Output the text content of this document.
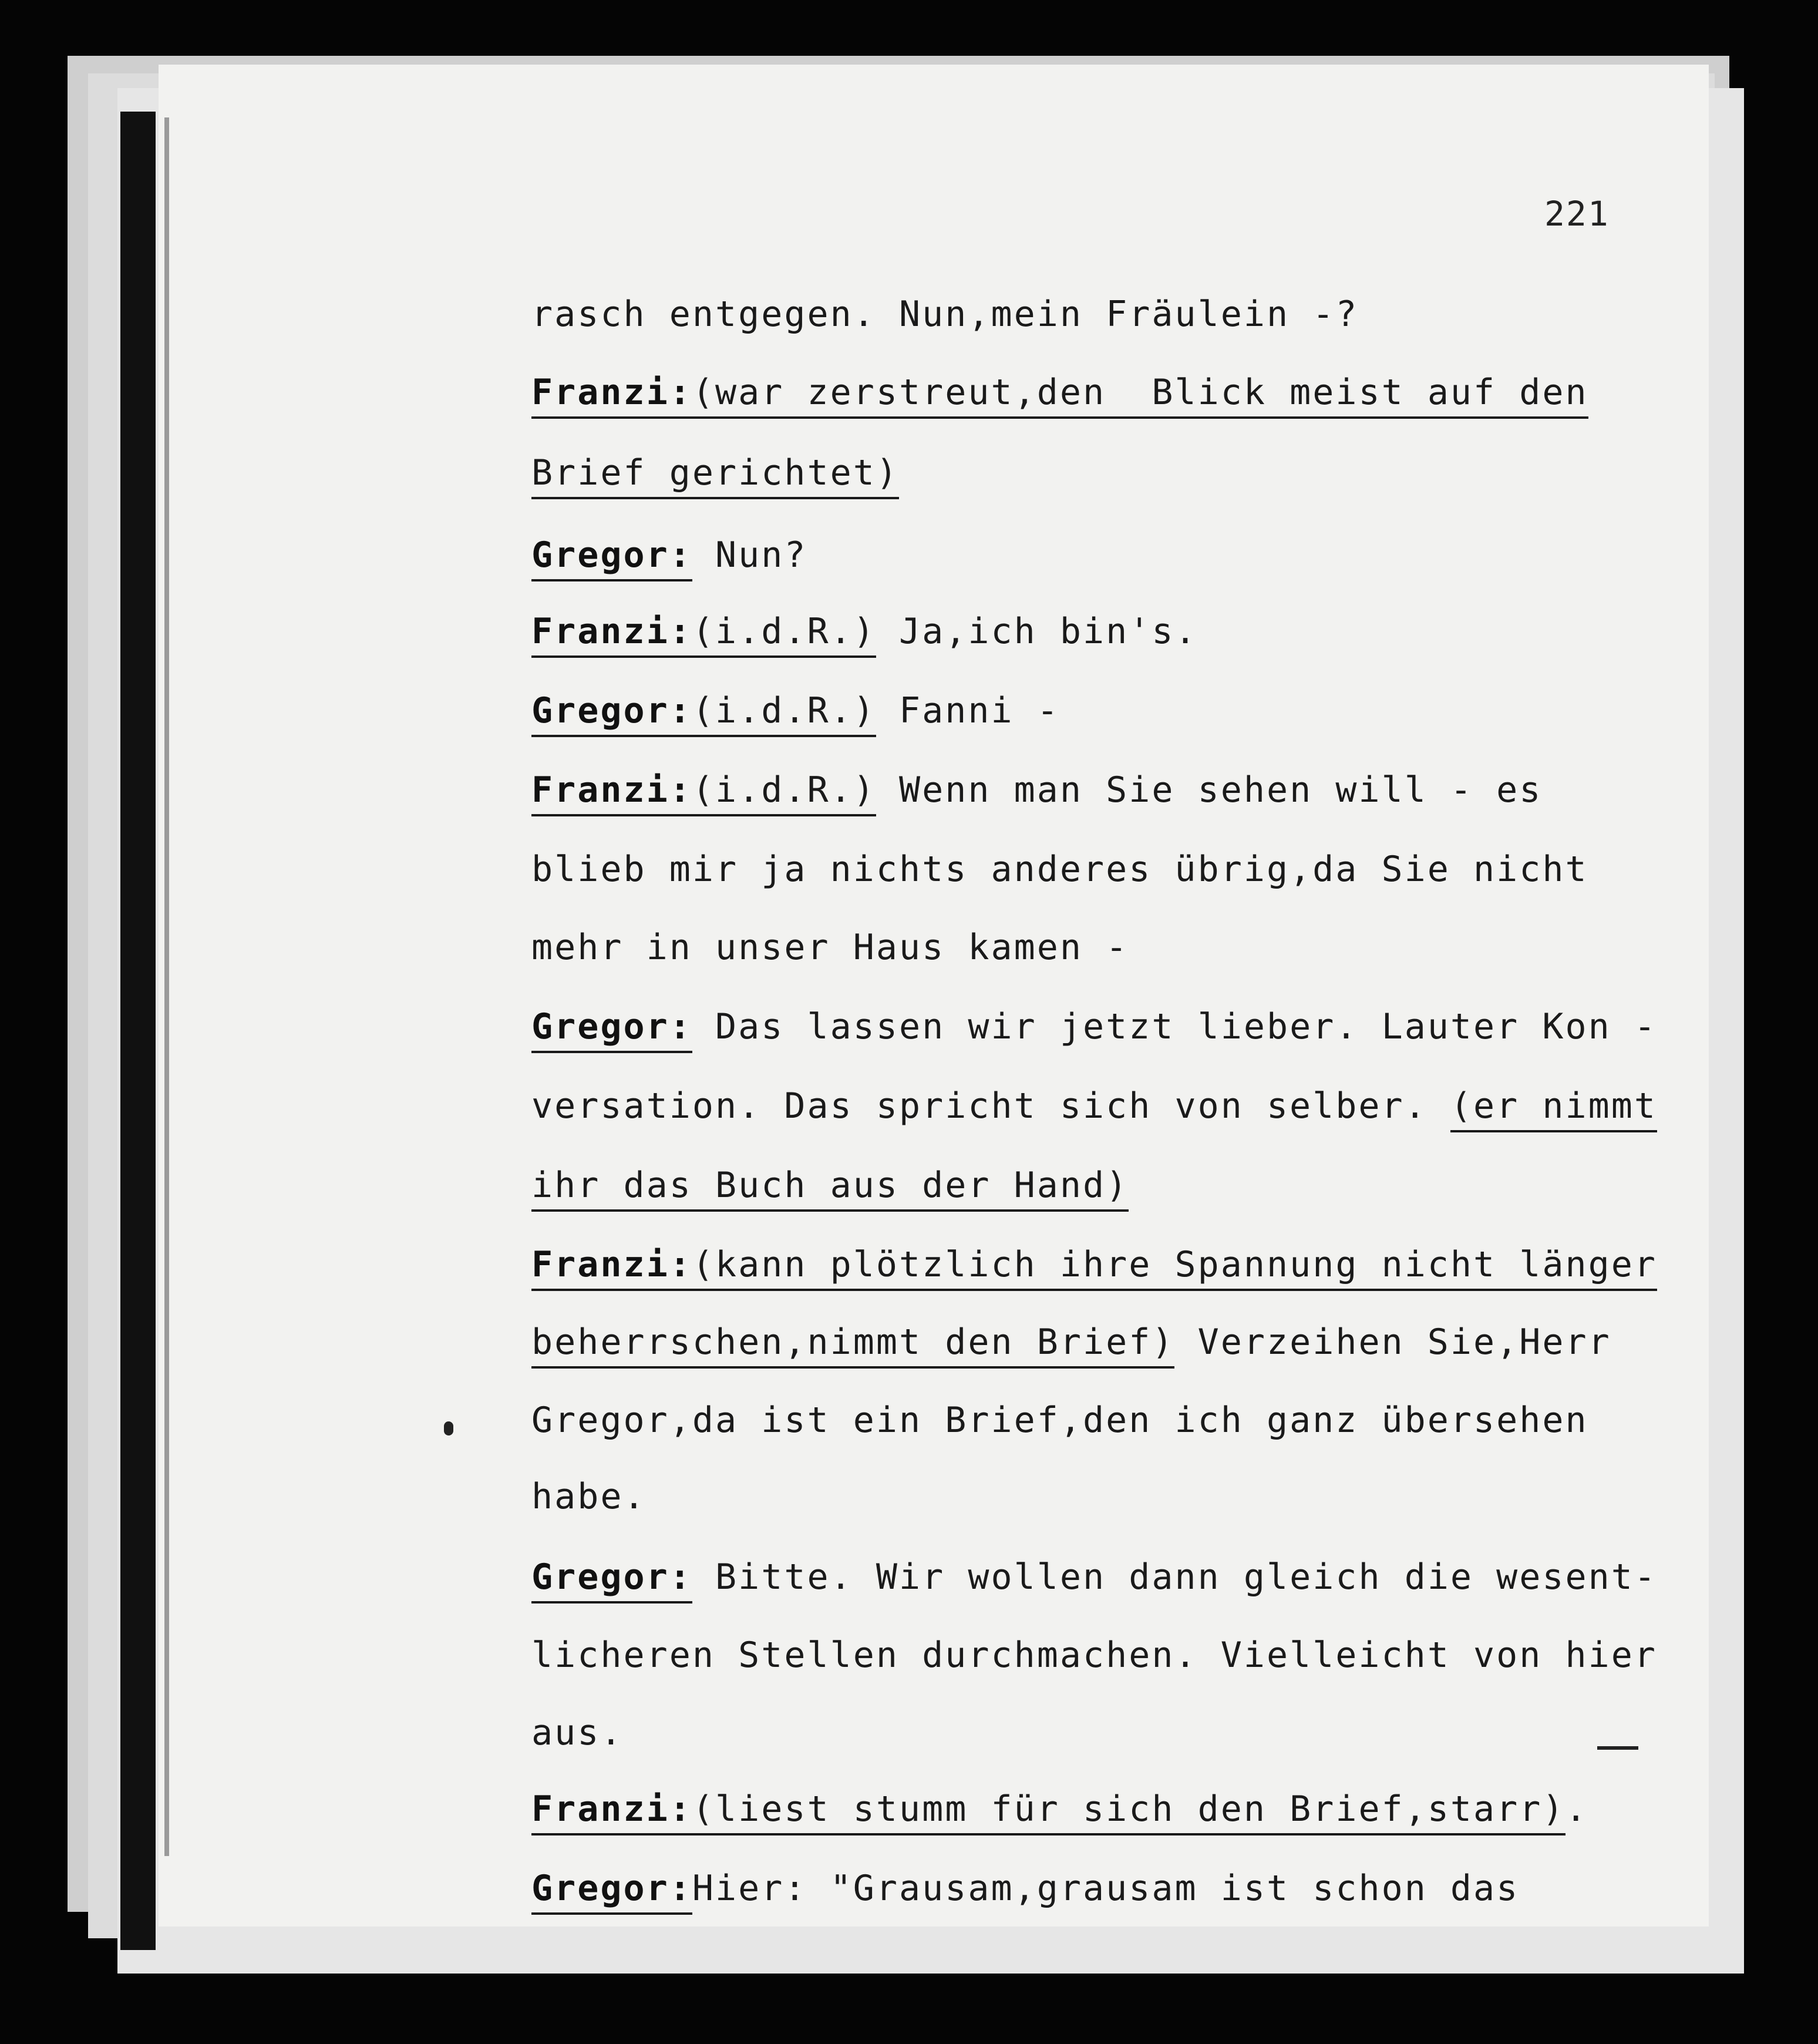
221
rasch entgegen. Nun,mein Fräulein -?
Franzi:(war zerstreut,den  Blick meist auf den
Brief gerichtet)
Gregor: Nun?
Franzi:(i.d.R.) Ja,ich bin's.
Gregor:(i.d.R.) Fanni -
Franzi:(i.d.R.) Wenn man Sie sehen will - es
blieb mir ja nichts anderes übrig,da Sie nicht
mehr in unser Haus kamen -
Gregor: Das lassen wir jetzt lieber. Lauter Kon -
versation. Das spricht sich von selber. (er nimmt
ihr das Buch aus der Hand)
Franzi:(kann plötzlich ihre Spannung nicht länger
beherrschen,nimmt den Brief) Verzeihen Sie,Herr
Gregor,da ist ein Brief,den ich ganz übersehen
habe.
Gregor: Bitte. Wir wollen dann gleich die wesent-
licheren Stellen durchmachen. Vielleicht von hier
aus.
Franzi:(liest stumm für sich den Brief,starr).
Gregor:Hier: "Grausam,grausam ist schon das
